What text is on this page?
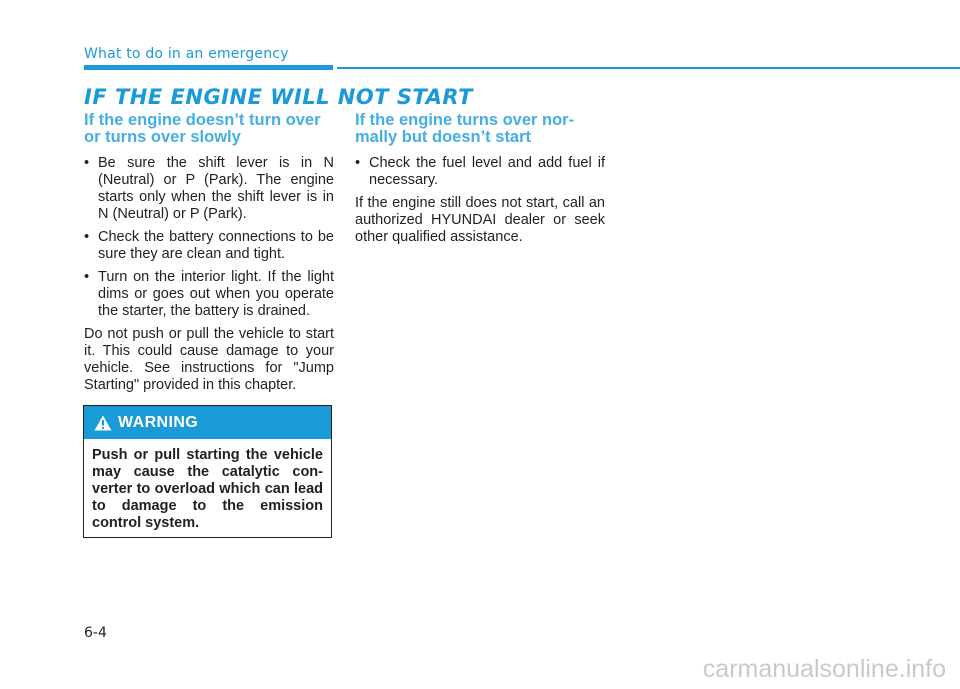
What to do in an emergency
IF THE ENGINE WILL NOT START
If the engine doesn’t turn over or turns over slowly
• Be sure the shift lever is in N (Neutral) or P (Park). The engine starts only when the shift lever is in N (Neutral) or P (Park).
• Check the battery connections to be sure they are clean and tight.
• Turn on the interior light. If the light dims or goes out when you operate the starter, the battery is drained.

Do not push or pull the vehicle to start it. This could cause damage to your vehicle. See instructions for "Jump Starting" provided in this chapter.

WARNING
Push or pull starting the vehicle may cause the catalytic con-verter to overload which can lead to damage to the emission control system.
If the engine turns over nor-mally but doesn’t start
• Check the fuel level and add fuel if necessary.

If the engine still does not start, call an authorized HYUNDAI dealer or seek other qualified assistance.

6-4
carmanualsonline.info
